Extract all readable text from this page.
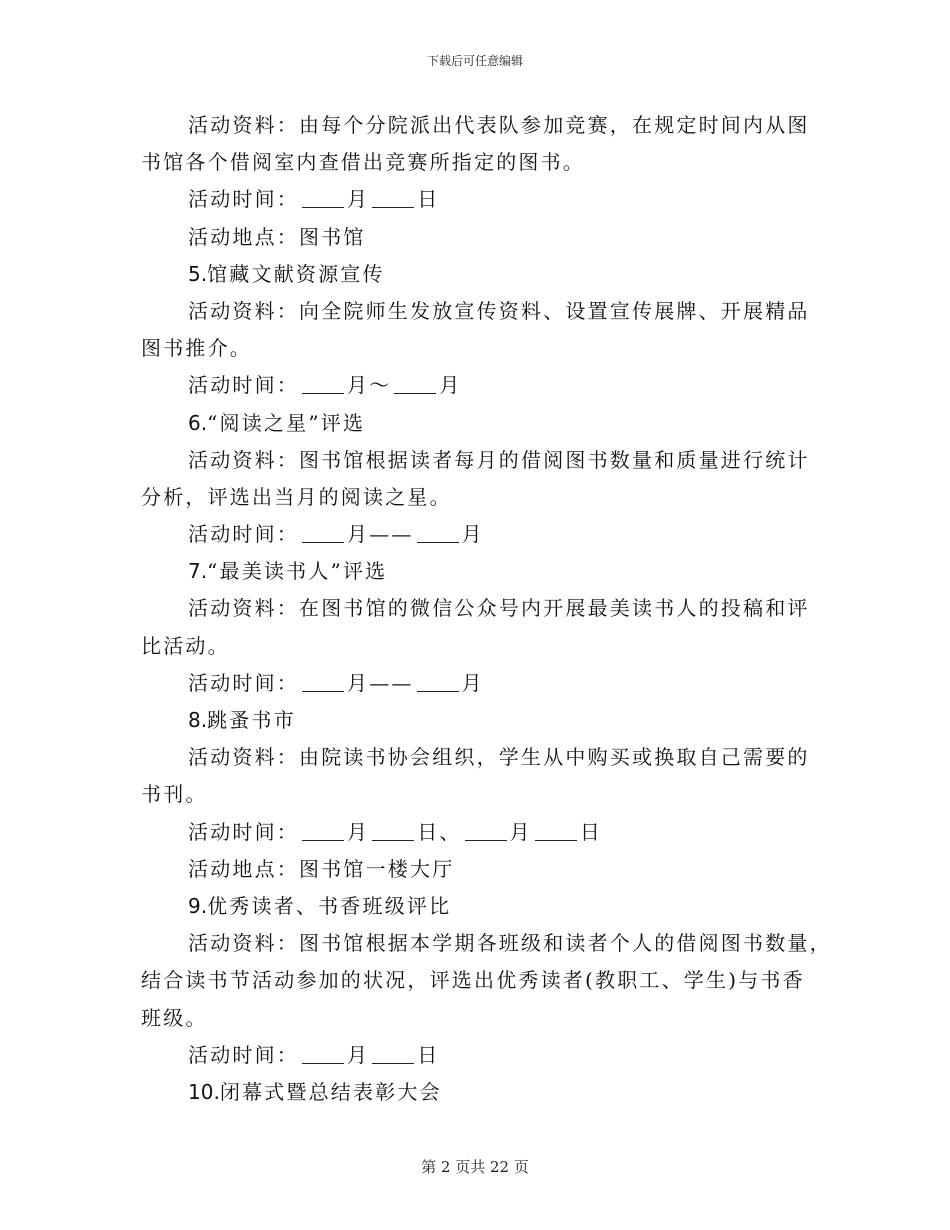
下载后可任意编辑
活动资料：由每个分院派出代表队参加竞赛，在规定时间内从图
书馆各个借阅室内查借出竞赛所指定的图书。
活动时间： 月 日
活动地点：图书馆
5.馆藏文献资源宣传
活动资料：向全院师生发放宣传资料、设置宣传展牌、开展精品
图书推介。
活动时间： 月～ 月
6.“阅读之星”评选
活动资料：图书馆根据读者每月的借阅图书数量和质量进行统计
分析，评选出当月的阅读之星。
活动时间： 月—— 月
7.“最美读书人”评选
活动资料：在图书馆的微信公众号内开展最美读书人的投稿和评
比活动。
活动时间： 月—— 月
8.跳蚤书市
活动资料：由院读书协会组织，学生从中购买或换取自己需要的
书刊。
活动时间： 月 日、 月 日
活动地点：图书馆一楼大厅
9.优秀读者、书香班级评比
活动资料：图书馆根据本学期各班级和读者个人的借阅图书数量，
结合读书节活动参加的状况，评选出优秀读者(教职工、学生)与书香
班级。
活动时间： 月 日
10.闭幕式暨总结表彰大会
第 2 页共 22 页
